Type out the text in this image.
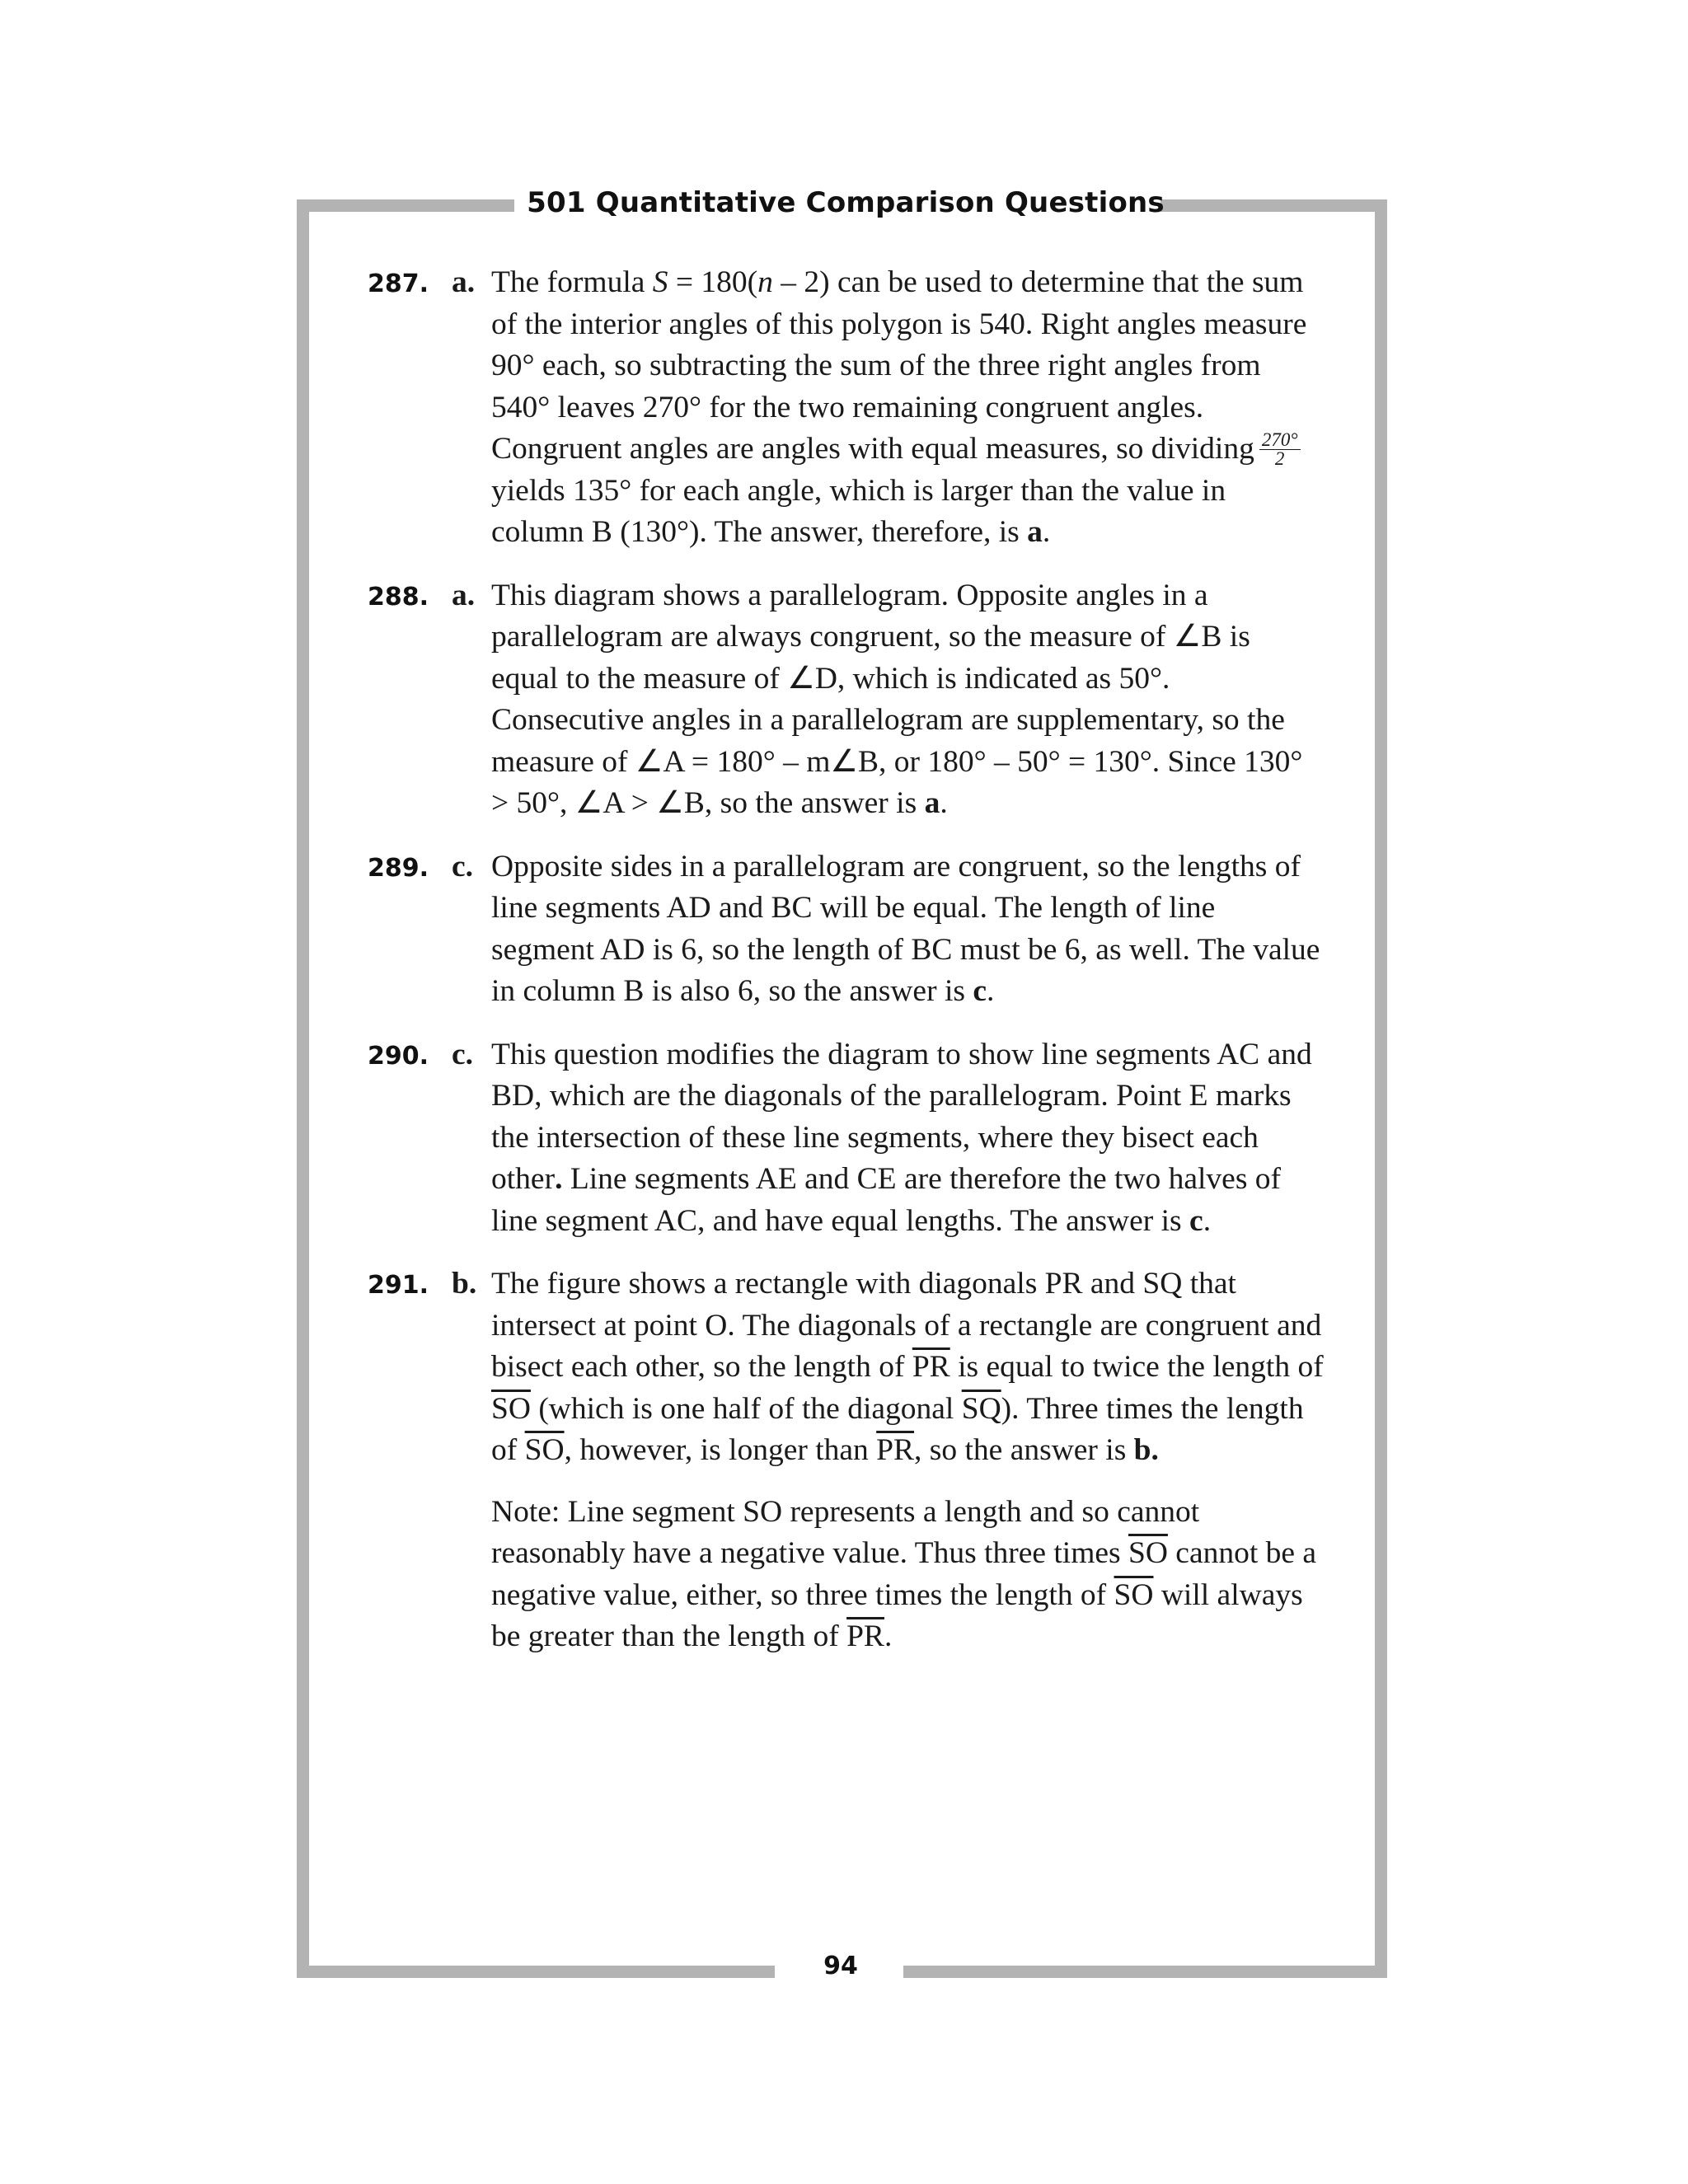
501 Quantitative Comparison Questions
94
287. a. The formula S = 180(n – 2) can be used to determine that the sum of the interior angles of this polygon is 540. Right angles measure 90° each, so subtracting the sum of the three right angles from 540° leaves 270° for the two remaining congruent angles. Congruent angles are angles with equal measures, so dividing $\frac{270^\circ}{2}$
yields 135° for each angle, which is larger than the value in column B (130°). The answer, therefore, is a.

288. a. This diagram shows a parallelogram. Opposite angles in a parallelogram are always congruent, so the measure of ∠B is equal to the measure of ∠D, which is indicated as 50°. Consecutive angles in a parallelogram are supplementary, so the measure of ∠A = 180° – m∠B, or 180° – 50° = 130°. Since 130° > 50°, ∠A > ∠B, so the answer is a.

289. c. Opposite sides in a parallelogram are congruent, so the lengths of line segments AD and BC will be equal. The length of line segment AD is 6, so the length of BC must be 6, as well. The value in column B is also 6, so the answer is c.

290. c. This question modifies the diagram to show line segments AC and BD, which are the diagonals of the parallelogram. Point E marks the intersection of these line segments, where they bisect each other. Line segments AE and CE are therefore the two halves of line segment AC, and have equal lengths. The answer is c.

291. b. The figure shows a rectangle with diagonals PR and SQ that intersect at point O. The diagonals of a rectangle are congruent and bisect each other, so the length of $\overline{PR}$ is equal to twice the length of $\overline{SO}$ (which is one half of the diagonal $\overline{SQ}$). Three times the length of $\overline{SO}$, however, is longer than $\overline{PR}$, so the answer is b.

Note: Line segment SO represents a length and so cannot reasonably have a negative value. Thus three times $\overline{SO}$ cannot be a negative value, either, so three times the length of $\overline{SO}$ will always be greater than the length of $\overline{PR}$.
